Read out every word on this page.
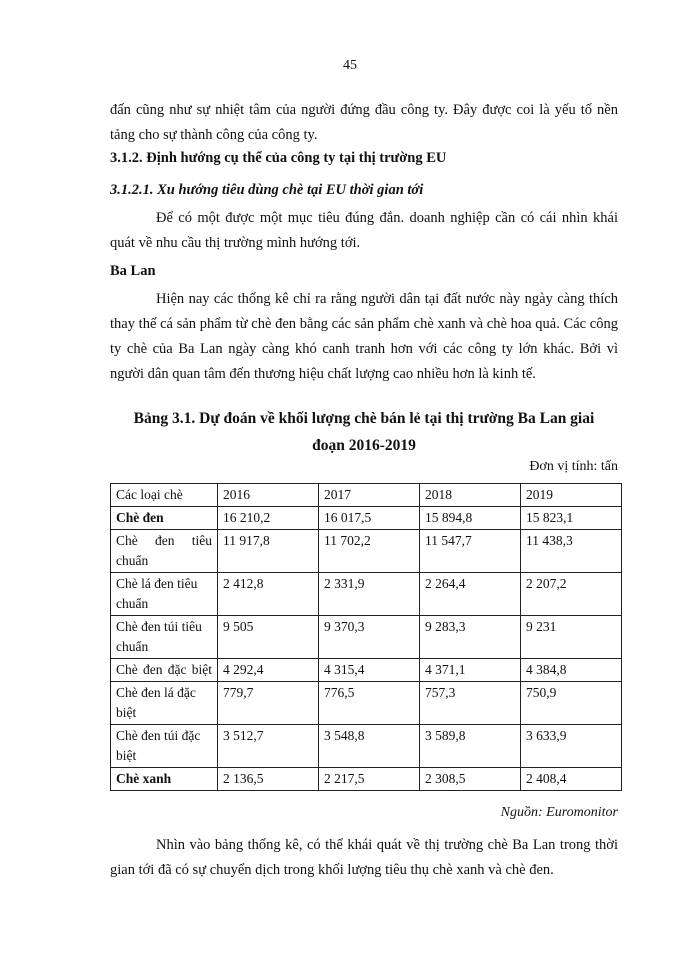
45

đấn cũng như sự nhiệt tâm của người đứng đầu công ty. Đây được coi là yếu tố nền tảng cho sự thành công của công ty.

3.1.2. Định hướng cụ thể của công ty tại thị trường EU

3.1.2.1. Xu hướng tiêu dùng chè tại EU thời gian tới

Để có một được một mục tiêu đúng đắn. doanh nghiệp cần có cái nhìn khái quát về nhu cầu thị trường mình hướng tới.

Ba Lan

Hiện nay các thống kê chỉ ra rằng người dân tại đất nước này ngày càng thích thay thế cá sản phẩm từ chè đen bằng các sản phẩm chè xanh và chè hoa quả. Các công ty chè của Ba Lan ngày càng khó canh tranh hơn với các công ty lớn khác. Bởi vì người dân quan tâm đến thương hiệu chất lượng cao nhiều hơn là kinh tế.

Bảng 3.1. Dự đoán về khối lượng chè bán lẻ tại thị trường Ba Lan giai
đoạn 2016-2019

Đơn vị tính: tấn
Các loại chè	2016	2017	2018	2019
Chè đen	16 210,2	16 017,5	15 894,8	15 823,1
Chè đen tiêu chuẩn	11 917,8	11 702,2	11 547,7	11 438,3
Chè lá đen tiêu chuẩn	2 412,8	2 331,9	2 264,4	2 207,2
Chè đen túi tiêu chuẩn	9 505	9 370,3	9 283,3	9 231
Chè đen đặc biệt	4 292,4	4 315,4	4 371,1	4 384,8
Chè đen lá đặc biệt	779,7	776,5	757,3	750,9
Chè đen túi đặc biệt	3 512,7	3 548,8	3 589,8	3 633,9
Chè xanh	2 136,5	2 217,5	2 308,5	2 408,4
Nguồn: Euromonitor

Nhìn vào bảng thống kê, có thể khái quát về thị trường chè Ba Lan trong thời gian tới đã có sự chuyển dịch trong khối lượng tiêu thụ chè xanh và chè đen.
